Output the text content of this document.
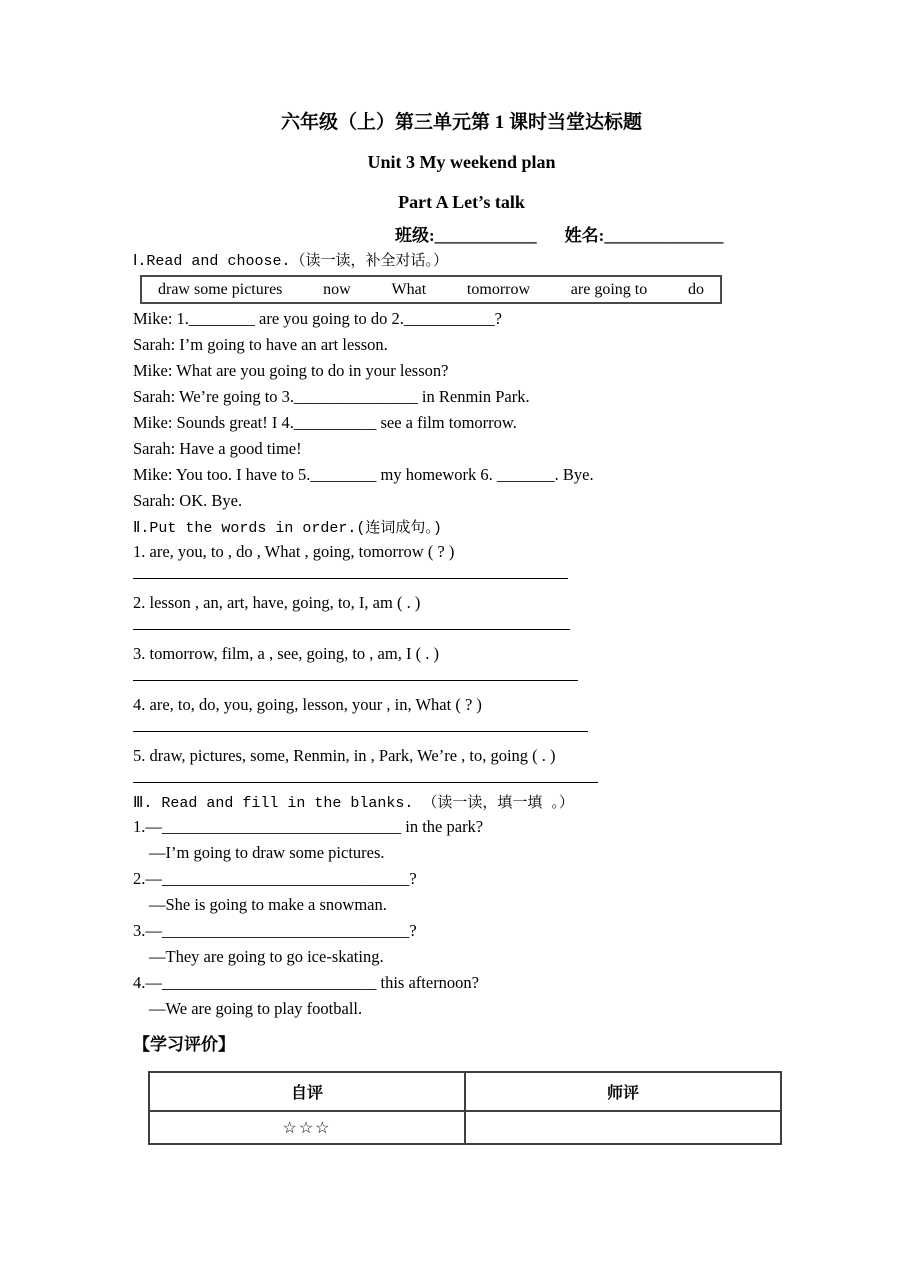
六年级（上）第三单元第 1 课时当堂达标题
Unit 3 My weekend plan
Part A Let’s talk
班级:____________ 姓名:______________
Ⅰ.Read and choose.（读一读，补全对话。）
draw some pictures	now	What	tomorrow	are going to	do
Mike: 1.________ are you going to do 2.___________?
Sarah: I’m going to have an art lesson.
Mike: What are you going to do in your lesson?
Sarah: We’re going to 3._______________ in Renmin Park.
Mike: Sounds great! I 4.__________ see a film tomorrow.
Sarah: Have a good time!
Mike: You too. I have to 5.________ my homework 6. _______. Bye.
Sarah: OK. Bye.
Ⅱ.Put the words in order.(连词成句。)
1. are, you, to , do , What , going, tomorrow ( ? )
2. lesson , an, art, have, going, to, I, am ( . )
3. tomorrow, film, a , see, going, to , am, I ( . )
4. are, to, do, you, going, lesson, your , in, What ( ? )
5. draw, pictures, some, Renmin, in , Park, We’re , to, going ( . )
Ⅲ. Read and fill in the blanks. （读一读，填一填 。）
1.—_____________________________ in the park?
—I’m going to draw some pictures.
2.—______________________________?
—She is going to make a snowman.
3.—______________________________?
—They are going to go ice-skating.
4.—__________________________ this afternoon?
—We are going to play football.
【学习评价】
自评	师评
☆☆☆	
